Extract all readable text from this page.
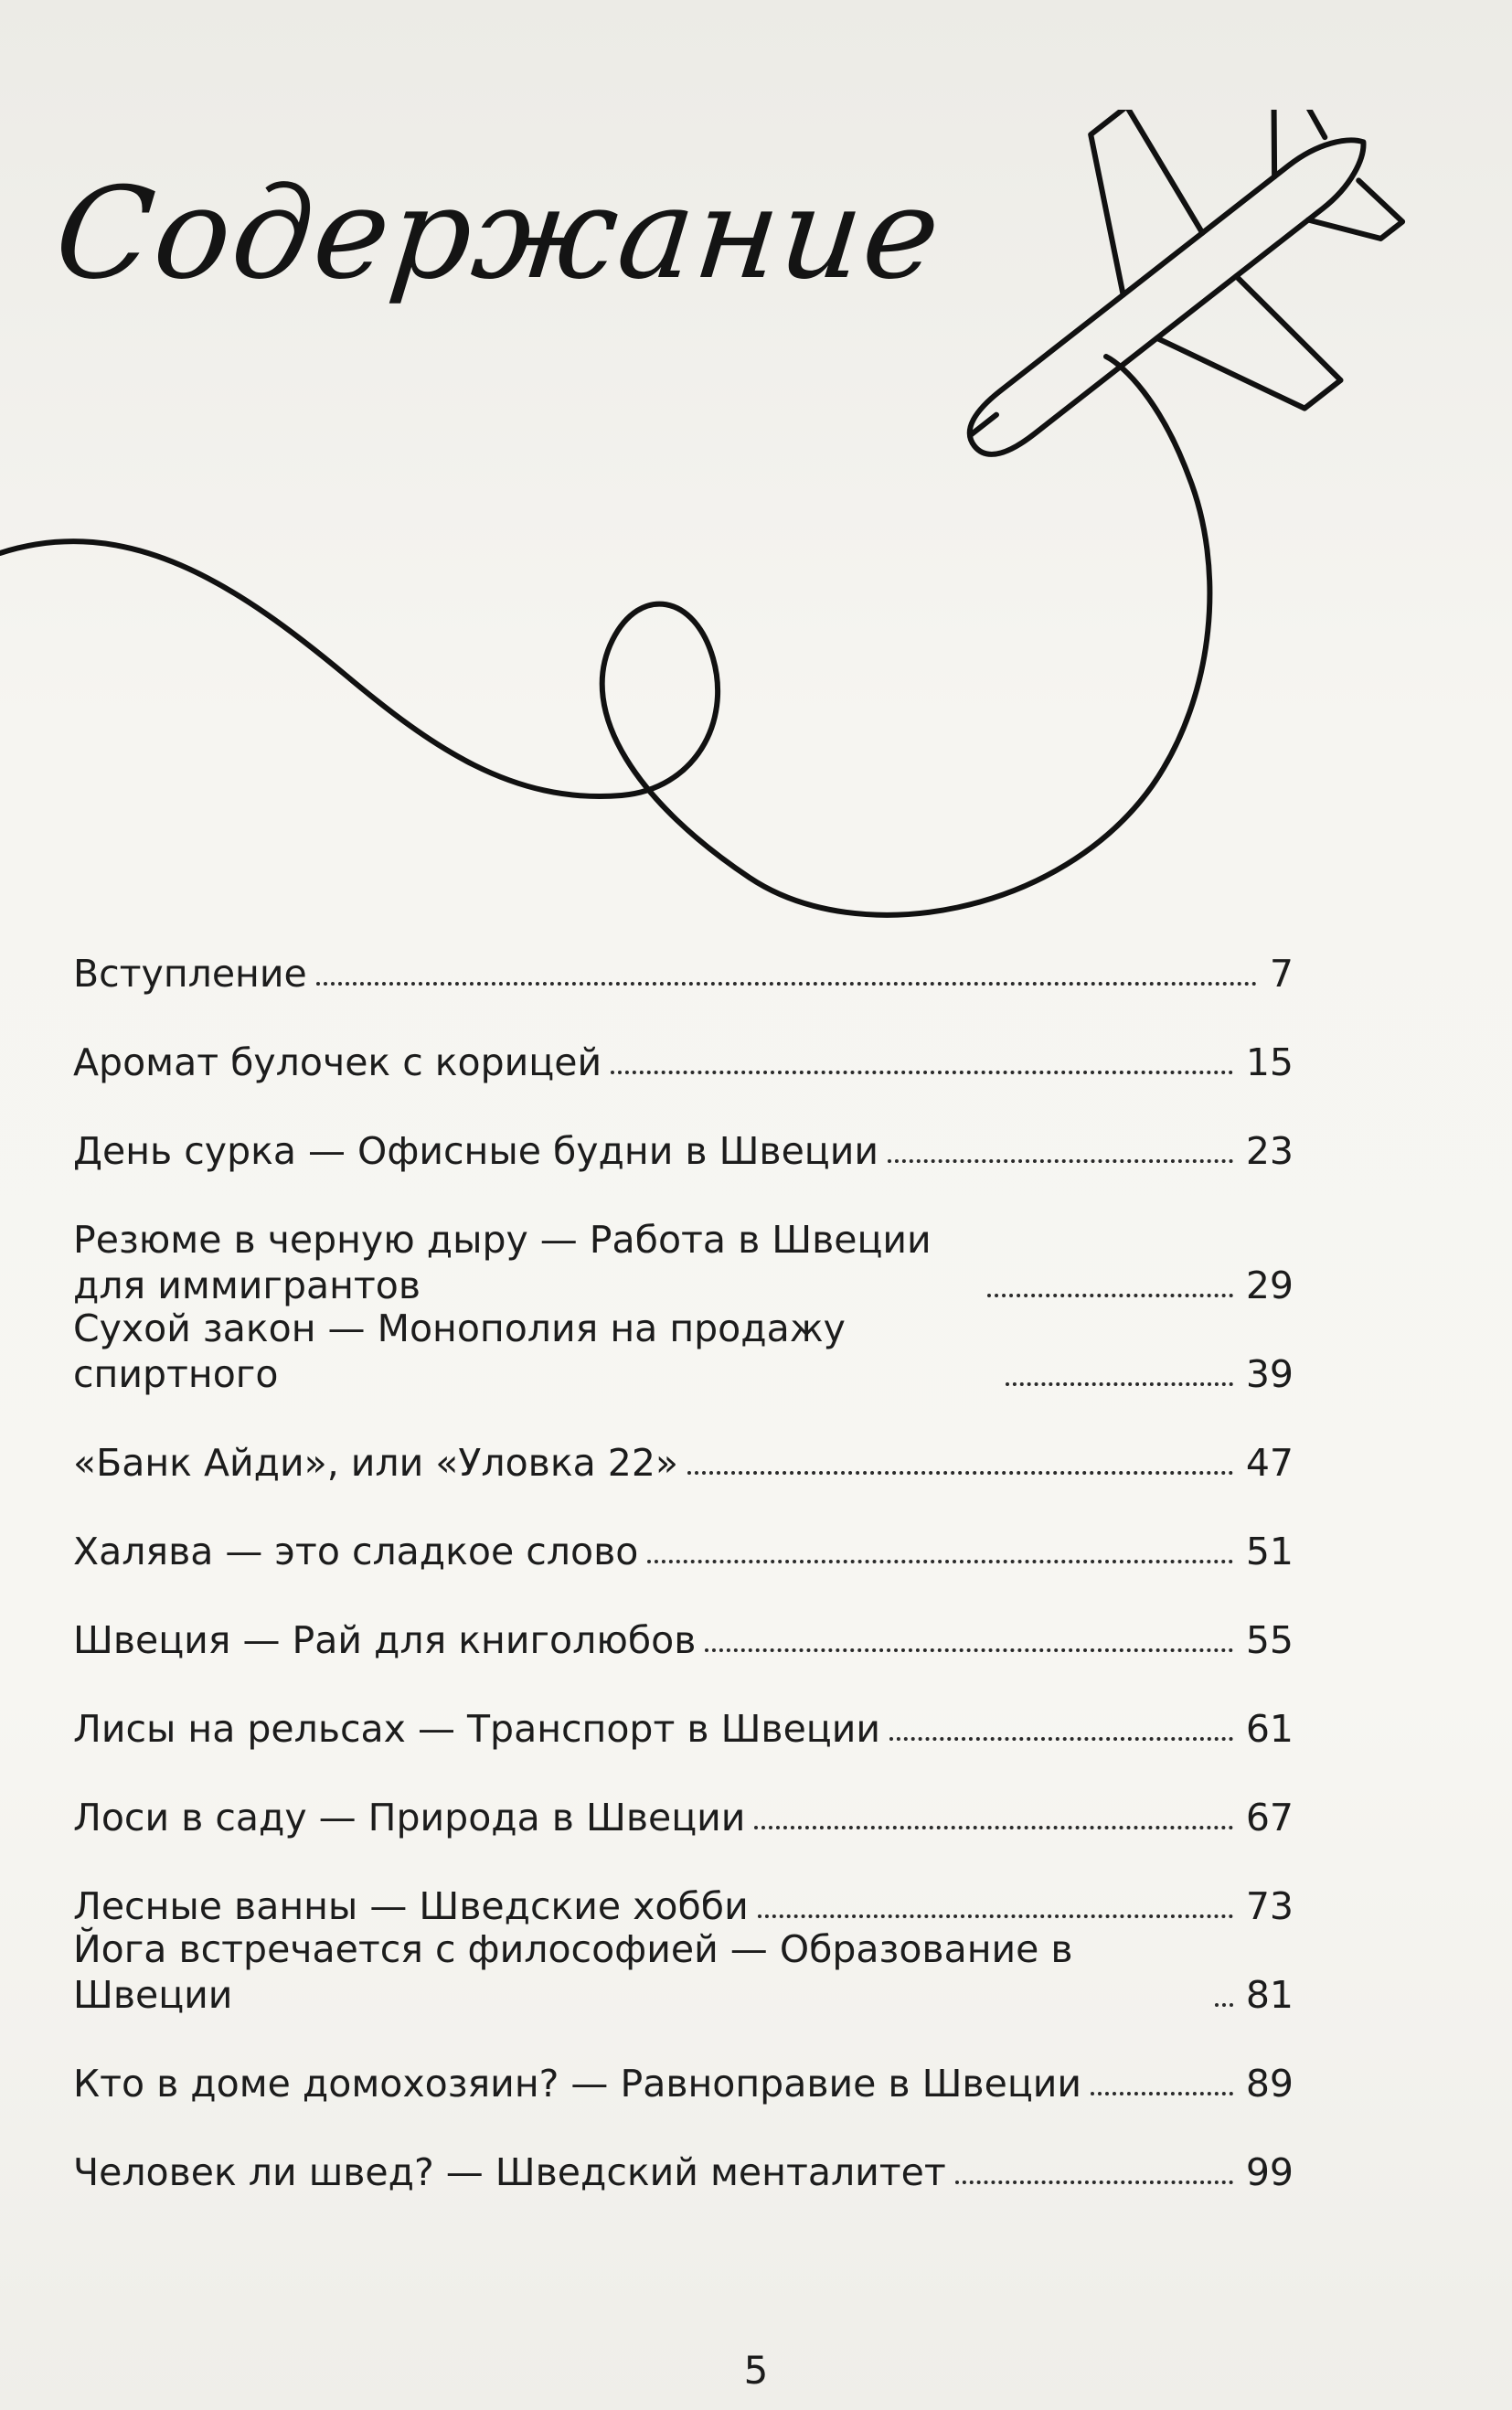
Содержание
Вступление	7
Аромат булочек с корицей	15
День сурка — Офисные будни в Швеции	23
Резюме в черную дыру — Работа в Швеции для иммигрантов	29
Сухой закон — Монополия на продажу спиртного	39
«Банк Айди», или «Уловка 22»	47
Халява — это сладкое слово	51
Швеция — Рай для книголюбов	55
Лисы на рельсах — Транспорт в Швеции	61
Лоси в саду — Природа в Швеции	67
Лесные ванны — Шведские хобби	73
Йога встречается с философией — Образование в Швеции	81
Кто в доме домохозяин? — Равноправие в Швеции	89
Человек ли швед? — Шведский менталитет	99
5
